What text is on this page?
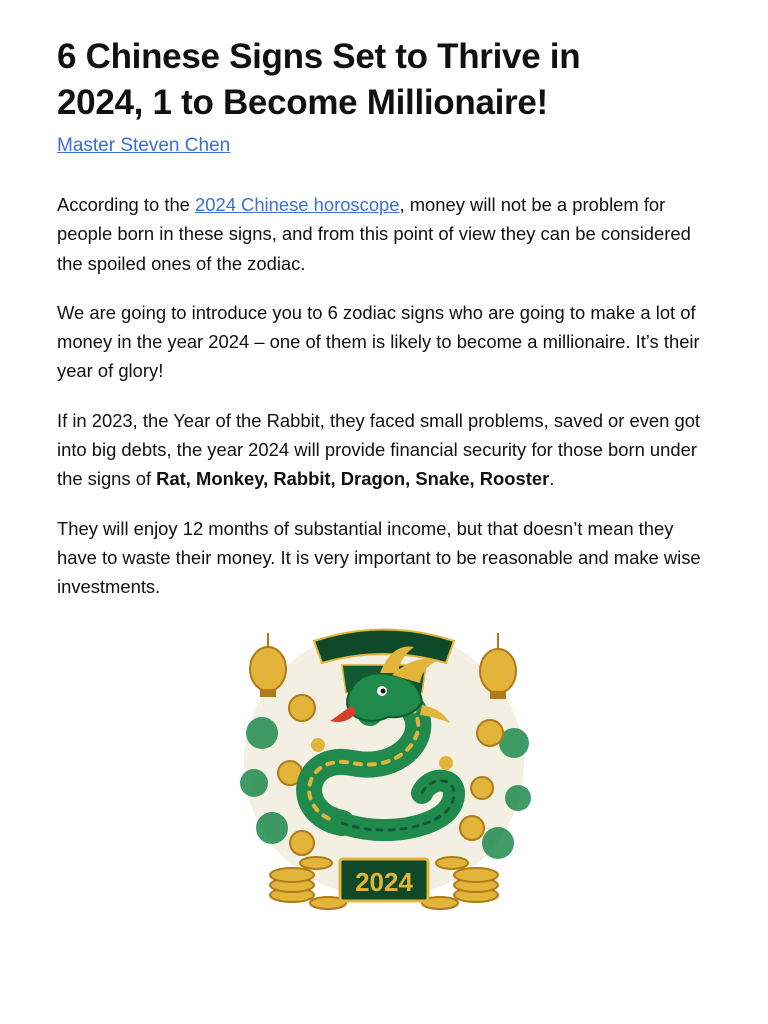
6 Chinese Signs Set to Thrive in 2024, 1 to Become Millionaire!
Master Steven Chen

According to the 2024 Chinese horoscope, money will not be a problem for people born in these signs, and from this point of view they can be considered the spoiled ones of the zodiac.

We are going to introduce you to 6 zodiac signs who are going to make a lot of money in the year 2024 – one of them is likely to become a millionaire. It’s their year of glory!

If in 2023, the Year of the Rabbit, they faced small problems, saved or even got into big debts, the year 2024 will provide financial security for those born under the signs of Rat, Monkey, Rabbit, Dragon, Snake, Rooster.

They will enjoy 12 months of substantial income, but that doesn’t mean they have to waste their money. It is very important to be reasonable and make wise investments.

2024
